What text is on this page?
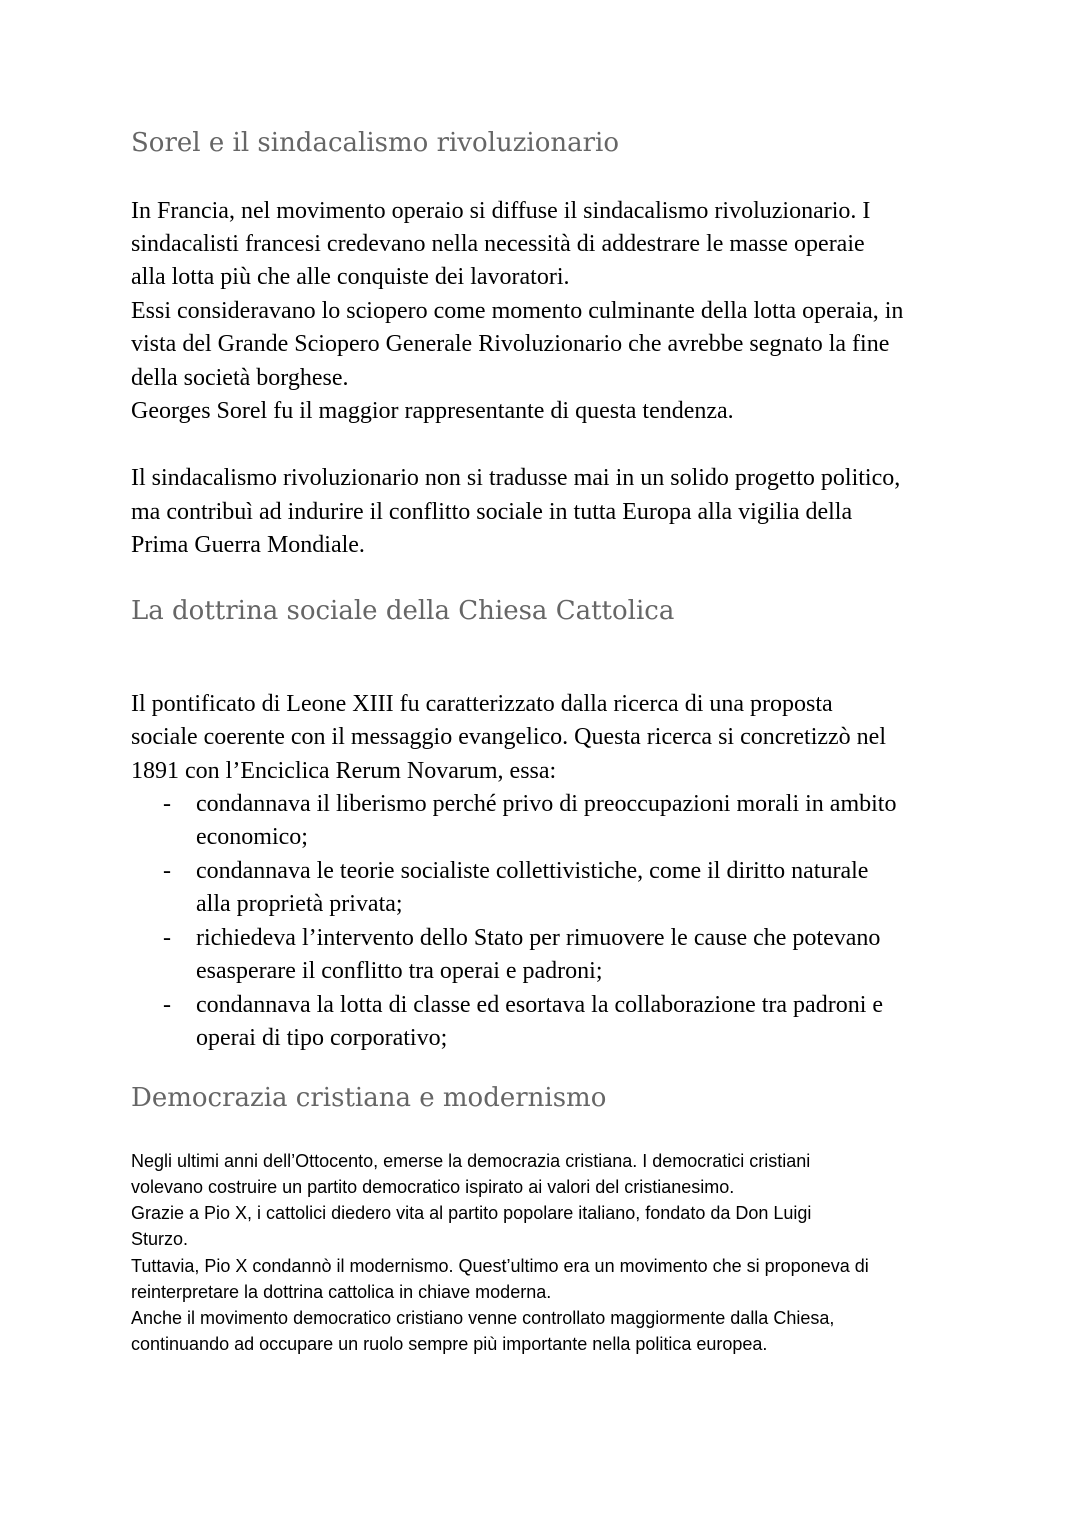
Sorel e il sindacalismo rivoluzionario

In Francia, nel movimento operaio si diffuse il sindacalismo rivoluzionario. I

sindacalisti francesi credevano nella necessità di addestrare le masse operaie

alla lotta più che alle conquiste dei lavoratori.

Essi consideravano lo sciopero come momento culminante della lotta operaia, in

vista del Grande Sciopero Generale Rivoluzionario che avrebbe segnato la fine

della società borghese.

Georges Sorel fu il maggior rappresentante di questa tendenza.

Il sindacalismo rivoluzionario non si tradusse mai in un solido progetto politico,

ma contribuì ad indurire il conflitto sociale in tutta Europa alla vigilia della

Prima Guerra Mondiale.

La dottrina sociale della Chiesa Cattolica

Il pontificato di Leone XIII fu caratterizzato dalla ricerca di una proposta

sociale coerente con il messaggio evangelico. Questa ricerca si concretizzò nel

1891 con l’Enciclica Rerum Novarum, essa:

- condannava il liberismo perché privo di preoccupazioni morali in ambito
economico;
- condannava le teorie socialiste collettivistiche, come il diritto naturale
alla proprietà privata;
- richiedeva l’intervento dello Stato per rimuovere le cause che potevano
esasperare il conflitto tra operai e padroni;
- condannava la lotta di classe ed esortava la collaborazione tra padroni e
operai di tipo corporativo;
Democrazia cristiana e modernismo

Negli ultimi anni dell’Ottocento, emerse la democrazia cristiana. I democratici cristiani

volevano costruire un partito democratico ispirato ai valori del cristianesimo.

Grazie a Pio X, i cattolici diedero vita al partito popolare italiano, fondato da Don Luigi

Sturzo.

Tuttavia, Pio X condannò il modernismo. Quest’ultimo era un movimento che si proponeva di

reinterpretare la dottrina cattolica in chiave moderna.

Anche il movimento democratico cristiano venne controllato maggiormente dalla Chiesa,

continuando ad occupare un ruolo sempre più importante nella politica europea.
